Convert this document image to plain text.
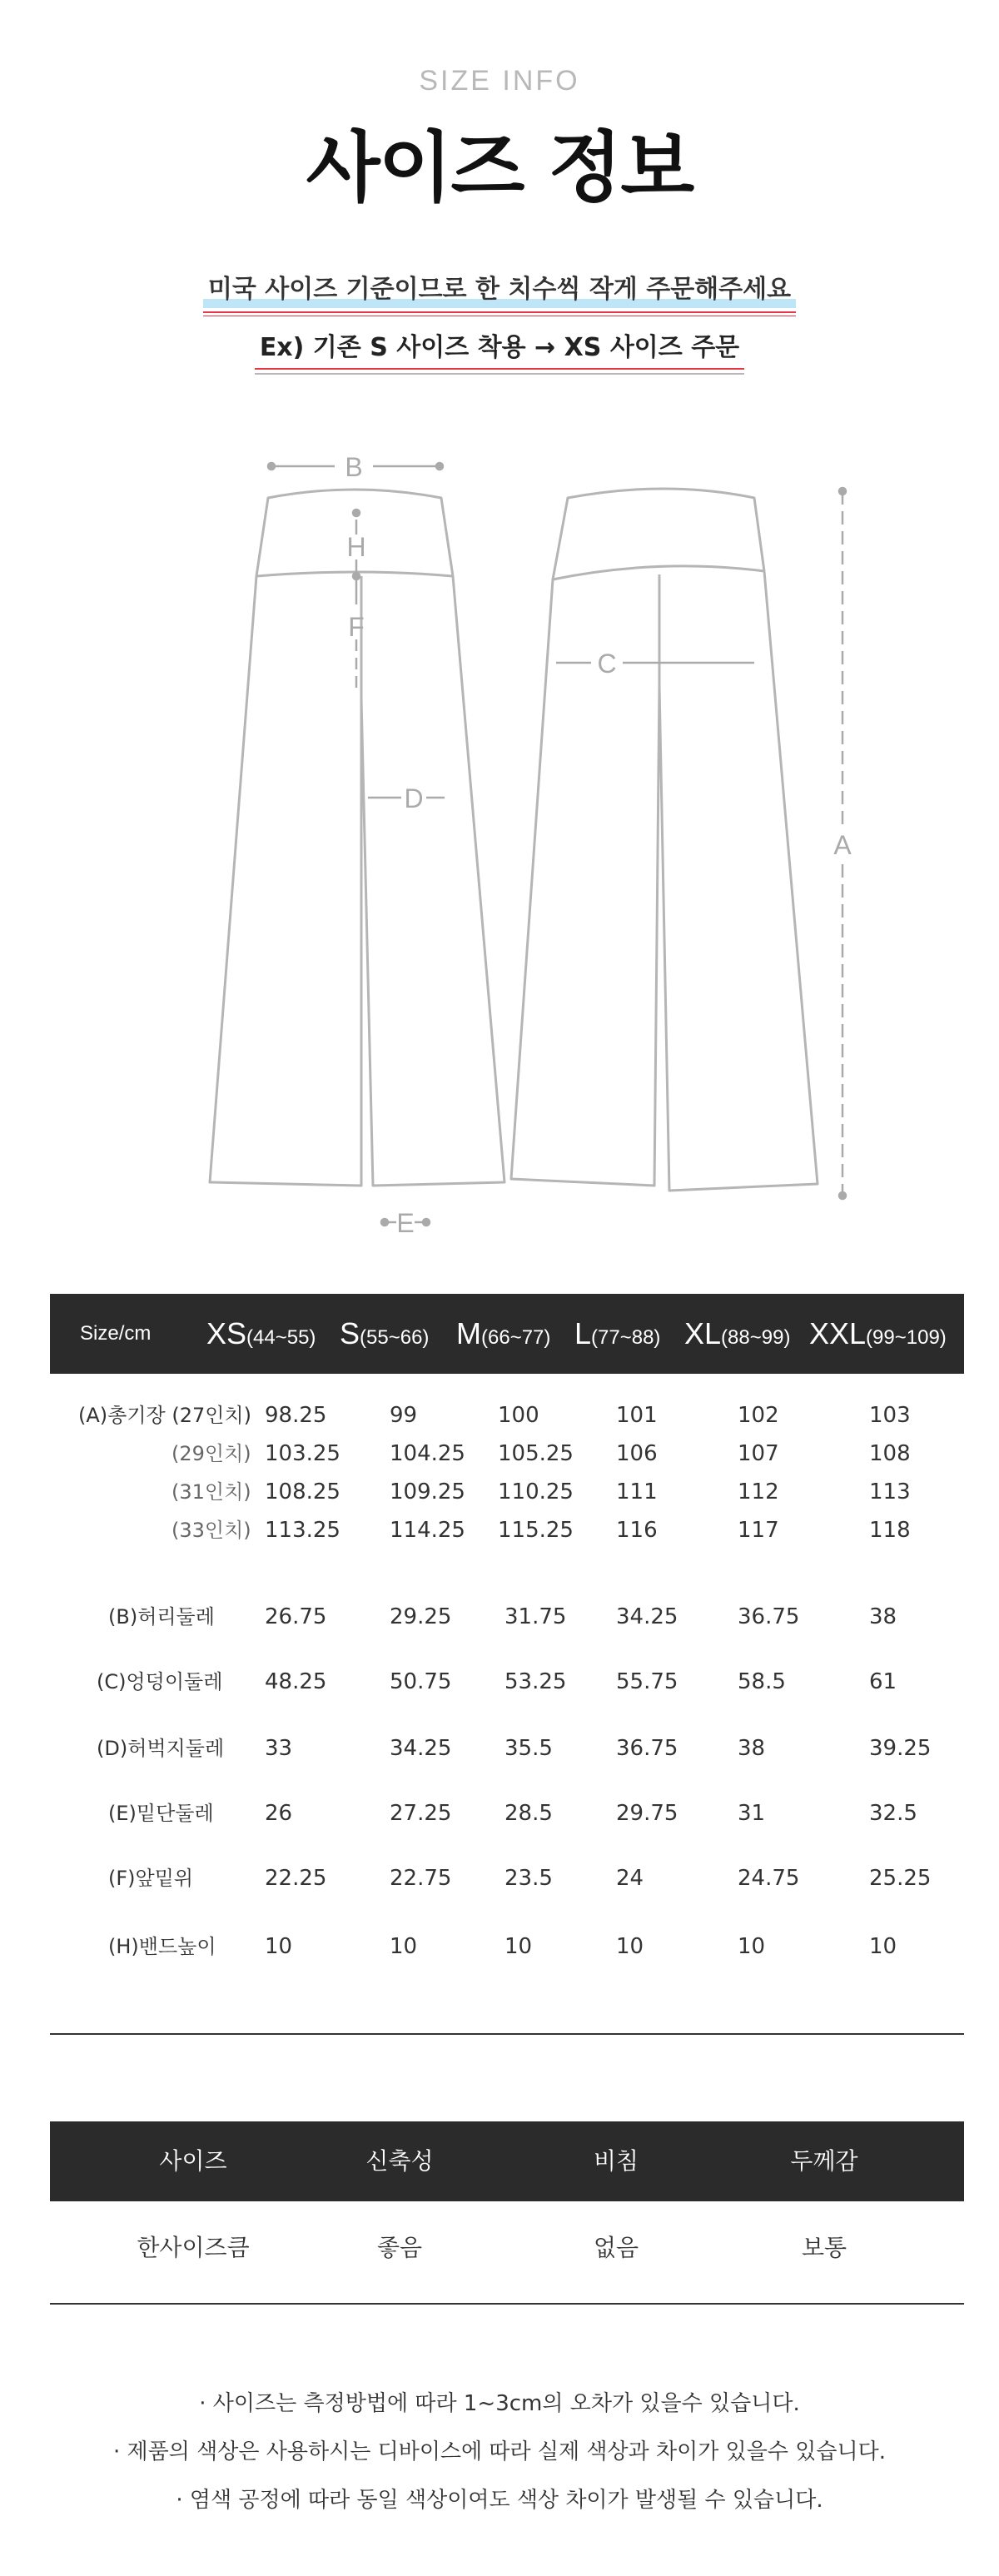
SIZE INFO
사이즈 정보
미국 사이즈 기준이므로 한 치수씩 작게 주문해주세요
Ex) 기존 S 사이즈 착용 → XS 사이즈 주문
B
H
F
C
D
A
E
Size/cm XS(44~55) S(55~66) M(66~77) L(77~88) XL(88~99) XXL(99~109)
(A)총기장 (27인치) 98.25	99	100	101	102	103
(29인치) 103.25 104.25 105.25 106	107	108
(31인치) 108.25 109.25 110.25 111	112	113
(33인치) 113.25 114.25 115.25 116	117	118
(B)허리둘레 26.75	29.25 31.75 34.25	36.75	38
(C)엉덩이둘레 48.25	50.75 53.25 55.75	58.5	61
(D)허벅지둘레 33	34.25 35.5	36.75	38	39.25
(E)밑단둘레 26	27.25 28.5	29.75	31	32.5
(F)앞밑위	22.25	22.75 23.5	24	24.75	25.25
(H)밴드높이 10	10	10	10	10	10
사이즈	신축성	비침	두께감
한사이즈큼	좋음	없음	보통
· 사이즈는 측정방법에 따라 1~3cm의 오차가 있을수 있습니다.
· 제품의 색상은 사용하시는 디바이스에 따라 실제 색상과 차이가 있을수 있습니다.
· 염색 공정에 따라 동일 색상이여도 색상 차이가 발생될 수 있습니다.
